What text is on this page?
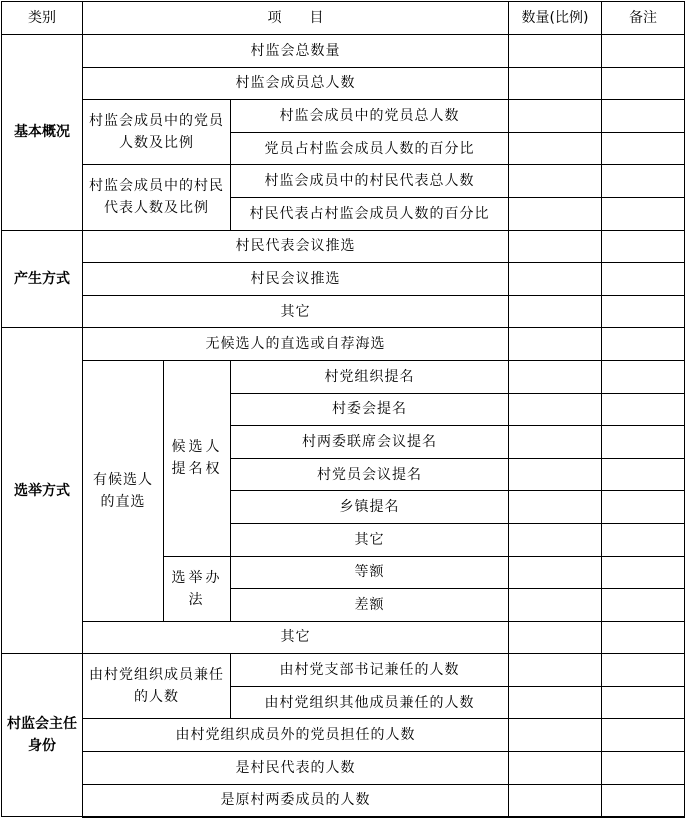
类别	项　　目			数量(比例)	备注
基本概况	村监会总数量				
	村监会成员总人数				
	村监会成员中的党员人数及比例		村监会成员中的党员总人数		
			党员占村监会成员人数的百分比		
	村监会成员中的村民代表人数及比例		村监会成员中的村民代表总人数		
			村民代表占村监会成员人数的百分比		
产生方式	村民代表会议推选				
	村民会议推选				
	其它				
选举方式	无候选人的直选或自荐海选				
	有候选人的直选	候选人提名权	村党组织提名		
			村委会提名		
			村两委联席会议提名		
			村党员会议提名		
			乡镇提名		
			其它		
		选举办法	等额		
			差额		
	其它				
村监会主任身份	由村党组织成员兼任的人数		由村党支部书记兼任的人数		
			由村党组织其他成员兼任的人数		
	由村党组织成员外的党员担任的人数				
	是村民代表的人数				
	是原村两委成员的人数				
